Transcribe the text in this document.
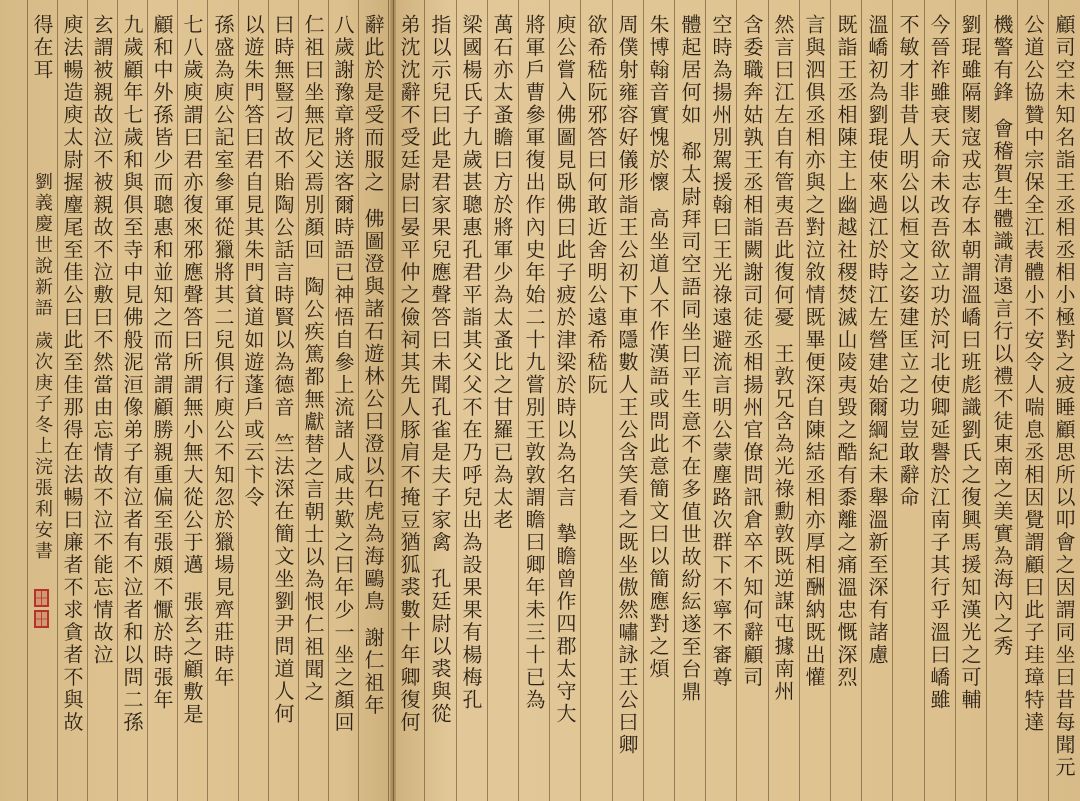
顧司空未知名詣王丞相丞相小極對之疲睡顧思所以叩會之因謂同坐曰昔每聞元
公道公協贊中宗保全江表體小不安令人喘息丞相因覺謂顧曰此子珪璋特達
機警有鋒會稽賀生體識清遠言行以禮不徒東南之美實為海內之秀
劉琨雖隔閡寇戎志存本朝謂溫嶠曰班彪識劉氏之復興馬援知漢光之可輔
今晉祚雖衰天命未改吾欲立功於河北使卿延譽於江南子其行乎溫曰嶠雖
不敏才非昔人明公以桓文之姿建匡立之功豈敢辭命
溫嶠初為劉琨使來過江於時江左營建始爾綱紀未舉溫新至深有諸慮
既詣王丞相陳主上幽越社稷焚滅山陵夷毀之酷有黍離之痛溫忠慨深烈
言與泗俱丞相亦與之對泣敘情既畢便深自陳結丞相亦厚相酬納既出懽
然言曰江左自有管夷吾此復何憂王敦兄含為光祿勳敦既逆謀屯據南州
含委職奔姑孰王丞相詣闕謝司徒丞相揚州官僚問訊倉卒不知何辭顧司
空時為揚州別駕援翰曰王光祿遠避流言明公蒙塵路次群下不寧不審尊
體起居何如郗太尉拜司空語同坐曰平生意不在多值世故紛紜遂至台鼎
朱博翰音實愧於懷高坐道人不作漢語或問此意簡文曰以簡應對之煩
周僕射雍容好儀形詣王公初下車隱數人王公含笑看之既坐傲然嘯詠王公曰卿
欲希嵇阮邪答曰何敢近舍明公遠希嵇阮
庾公嘗入佛圖見臥佛曰此子疲於津梁於時以為名言摯瞻曾作四郡太守大
將軍戶曹參軍復出作內史年始二十九嘗別王敦敦謂瞻曰卿年未三十已為
萬石亦太蚤瞻曰方於將軍少為太蚤比之甘羅已為太老
梁國楊氏子九歲甚聰惠孔君平詣其父父不在乃呼兒出為設果果有楊梅孔
指以示兒曰此是君家果兒應聲答曰未聞孔雀是夫子家禽孔廷尉以裘與從
弟沈沈辭不受廷尉曰晏平仲之儉祠其先人豚肩不掩豆猶狐裘數十年卿復何
辭此於是受而服之佛圖澄與諸石遊林公曰澄以石虎為海鷗鳥謝仁祖年
八歲謝豫章將送客爾時語已神悟自參上流諸人咸共歎之曰年少一坐之顏回
仁祖曰坐無尼父焉別顏回陶公疾篤都無獻替之言朝士以為恨仁祖聞之
曰時無豎刁故不貽陶公話言時賢以為德音竺法深在簡文坐劉尹問道人何
以遊朱門答曰君自見其朱門貧道如遊蓬戶或云卞令
孫盛為庾公記室參軍從獵將其二兒俱行庾公不知忽於獵場見齊莊時年
七八歲庾謂曰君亦復來邪應聲答曰所謂無小無大從公于邁張玄之顧敷是
顧和中外孫皆少而聰惠和並知之而常謂顧勝親重偏至張頗不懨於時張年
九歲顧年七歲和與俱至寺中見佛般泥洹像弟子有泣者有不泣者和以問二孫
玄謂被親故泣不被親故不泣敷曰不然當由忘情故不泣不能忘情故泣
庾法暢造庾太尉握麈尾至佳公曰此至佳那得在法暢曰廉者不求貪者不與故
得在耳劉義慶世說新語歲次庚子冬上浣張利安書
